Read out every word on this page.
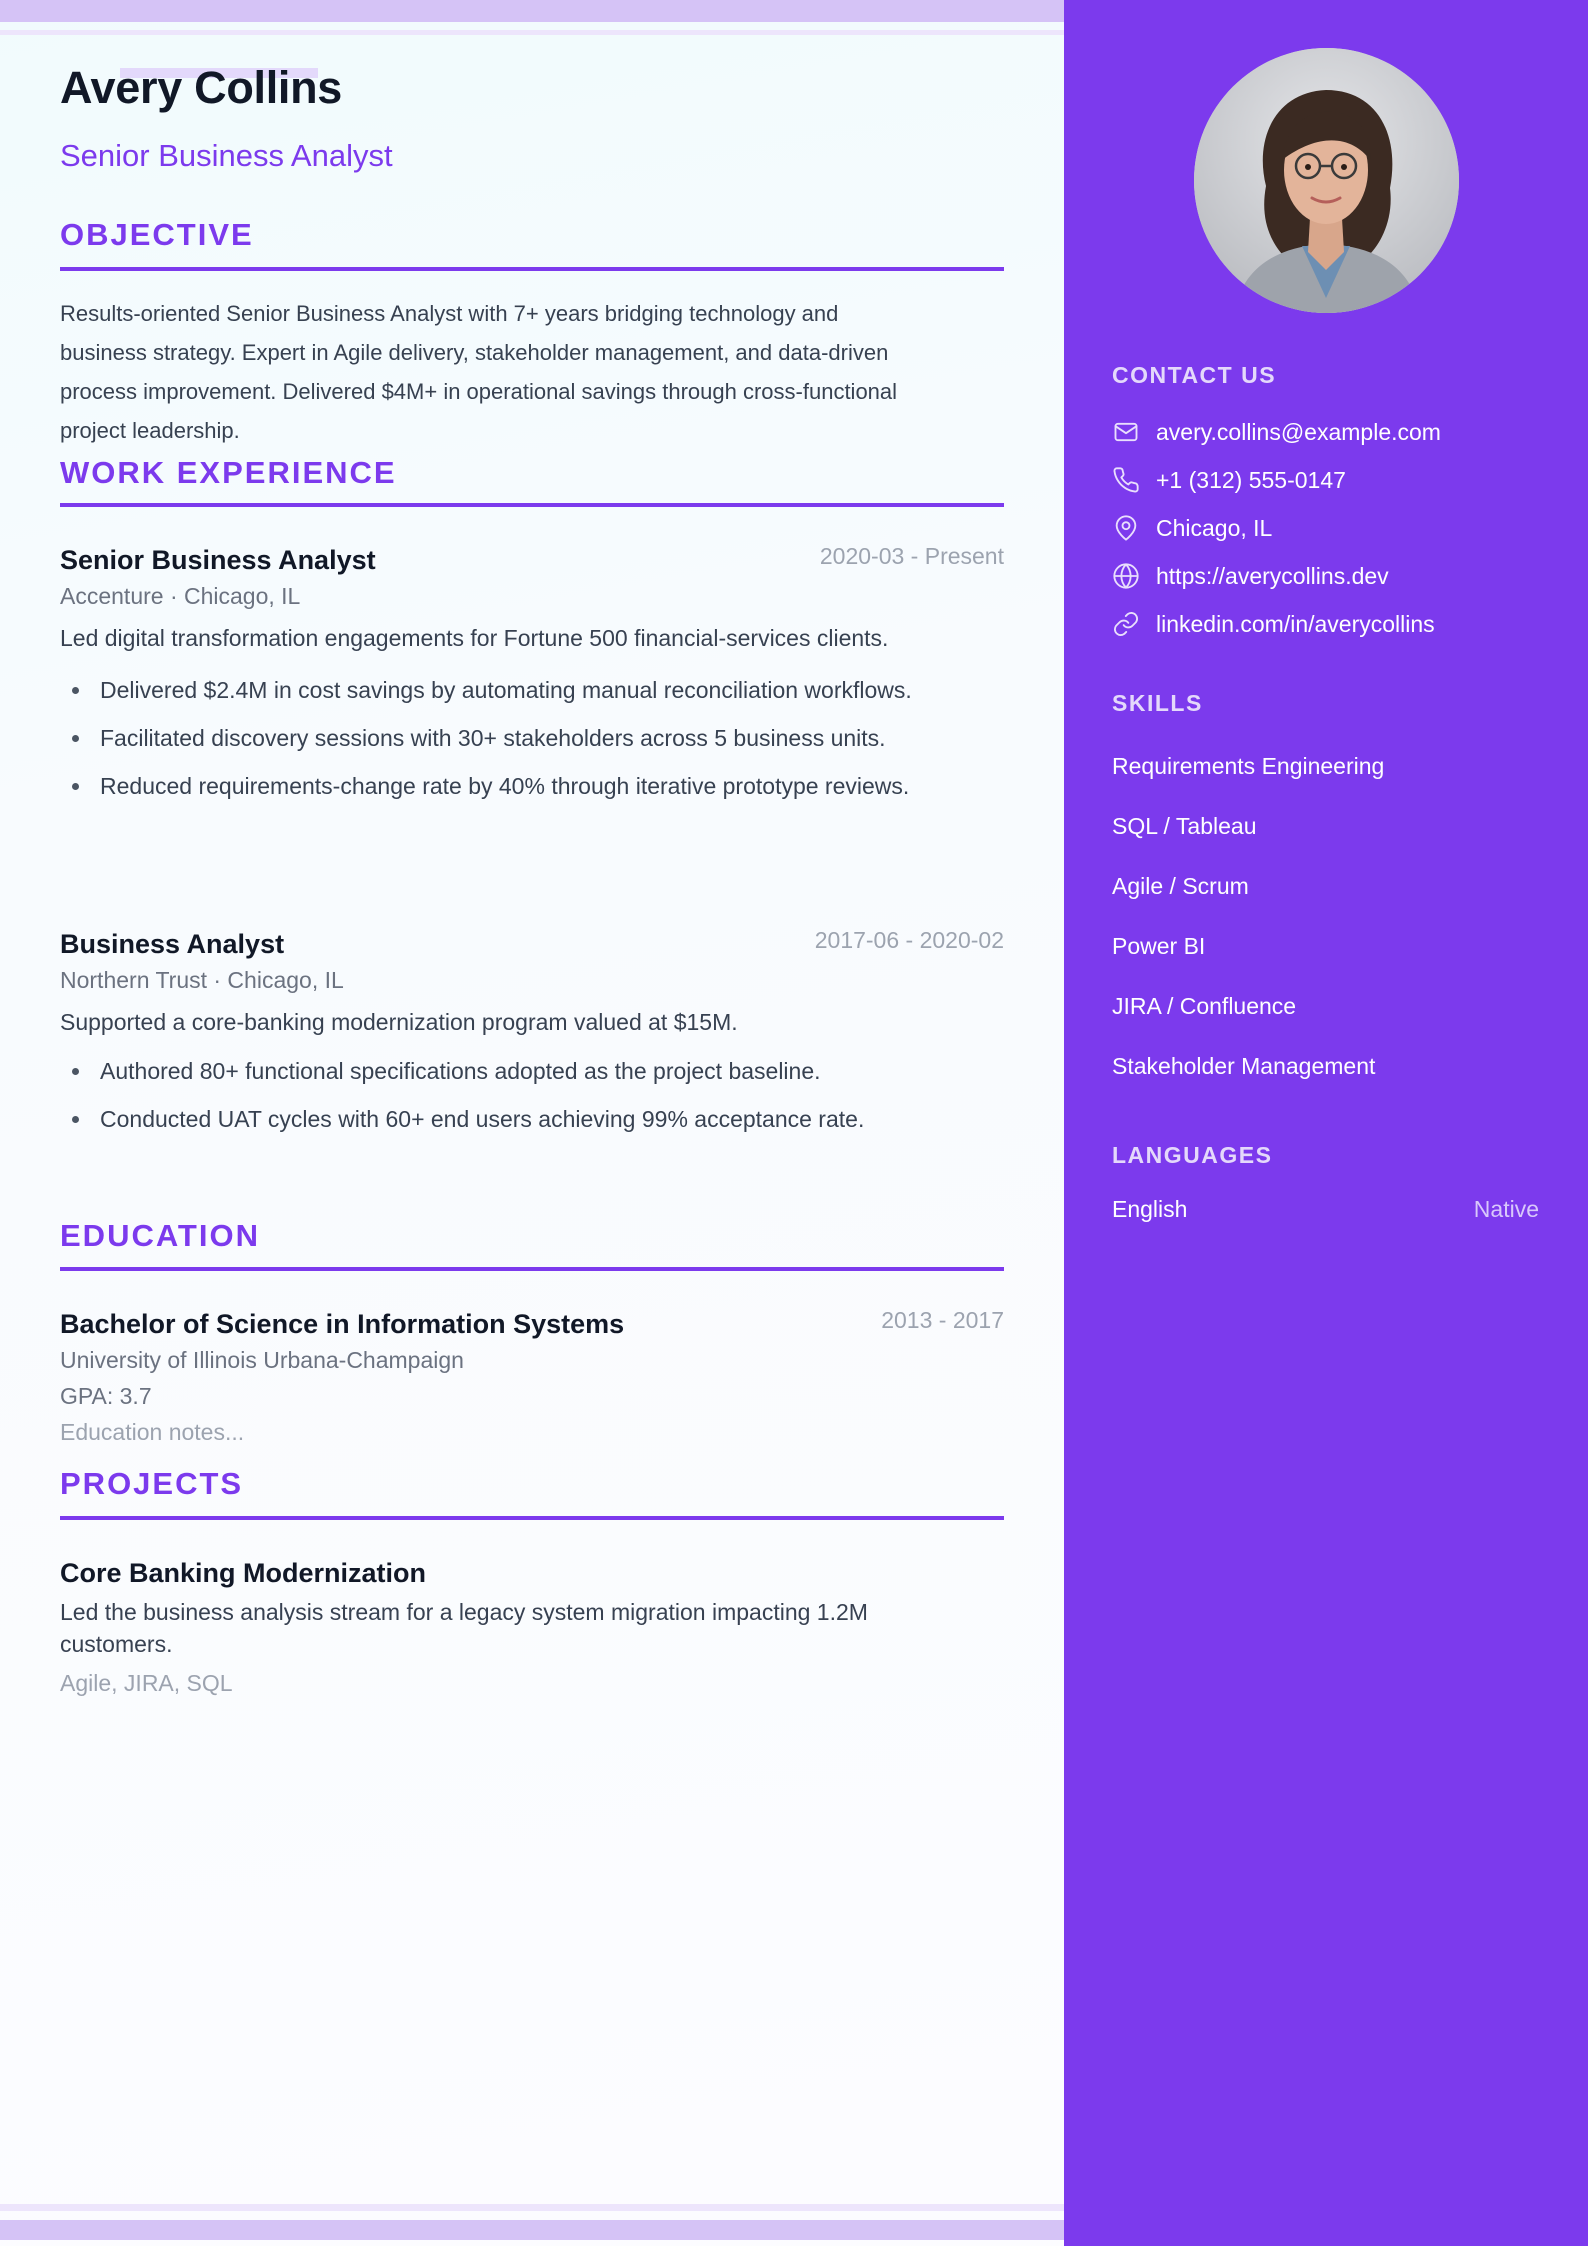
Avery Collins
Senior Business Analyst
OBJECTIVE
Results-oriented Senior Business Analyst with 7+ years bridging technology and
business strategy. Expert in Agile delivery, stakeholder management, and data-driven
process improvement. Delivered $4M+ in operational savings through cross-functional
project leadership.
WORK EXPERIENCE
Senior Business Analyst	2020-03 - Present
Accenture · Chicago, IL
Led digital transformation engagements for Fortune 500 financial-services clients.
Delivered $2.4M in cost savings by automating manual reconciliation workflows.
Facilitated discovery sessions with 30+ stakeholders across 5 business units.
Reduced requirements-change rate by 40% through iterative prototype reviews.
Business Analyst	2017-06 - 2020-02
Northern Trust · Chicago, IL
Supported a core-banking modernization program valued at $15M.
Authored 80+ functional specifications adopted as the project baseline.
Conducted UAT cycles with 60+ end users achieving 99% acceptance rate.
EDUCATION
Bachelor of Science in Information Systems	2013 - 2017
University of Illinois Urbana-Champaign
GPA: 3.7
Education notes...
PROJECTS
Core Banking Modernization
Led the business analysis stream for a legacy system migration impacting 1.2M
customers.
Agile, JIRA, SQL
CONTACT US
avery.collins@example.com
+1 (312) 555-0147
Chicago, IL
https://averycollins.dev
linkedin.com/in/averycollins
SKILLS
Requirements Engineering
SQL / Tableau
Agile / Scrum
Power BI
JIRA / Confluence
Stakeholder Management
LANGUAGES
English	Native
